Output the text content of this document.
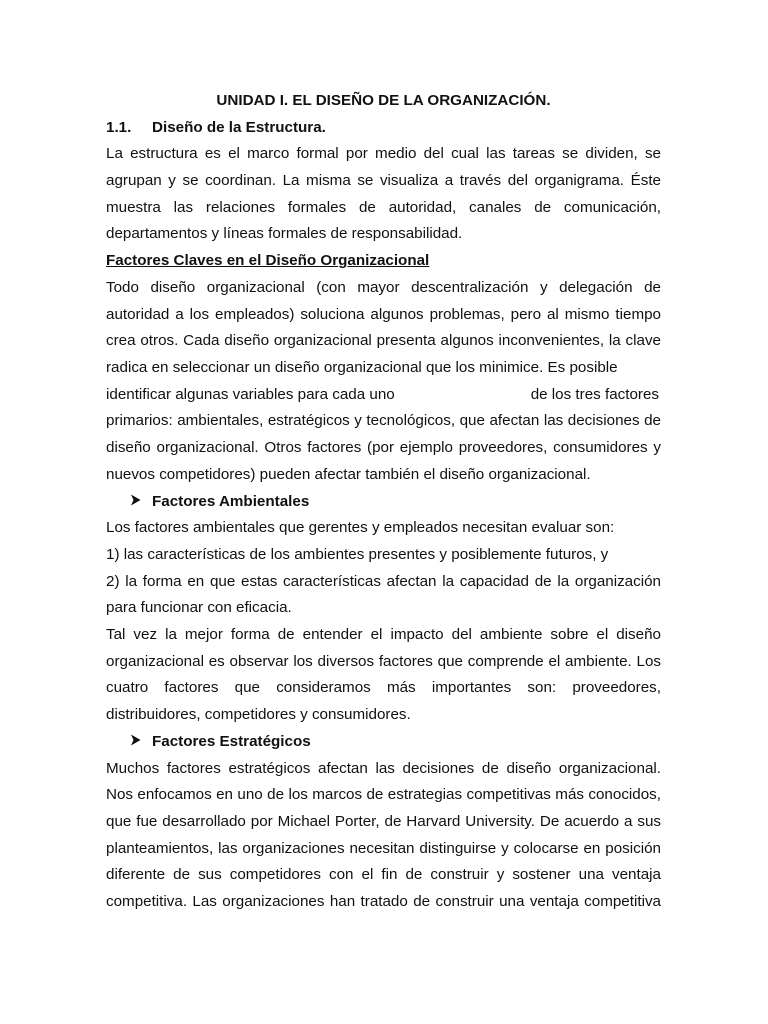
UNIDAD I. EL DISEÑO DE LA ORGANIZACIÓN.

1.1.	Diseño de la Estructura.

La estructura es el marco formal por medio del cual las tareas se dividen, se agrupan y se coordinan. La misma se visualiza a través del organigrama. Éste muestra las relaciones formales de autoridad, canales de comunicación, departamentos y líneas formales de responsabilidad.

Factores Claves en el Diseño Organizacional

Todo diseño organizacional (con mayor descentralización y delegación de autoridad a los empleados) soluciona algunos problemas, pero al mismo tiempo crea otros. Cada diseño organizacional presenta algunos inconvenientes, la clave radica en seleccionar un diseño organizacional que los minimice. Es posible

identificar algunas variables para cada uno	de los tres factores

primarios: ambientales, estratégicos y tecnológicos, que afectan las decisiones de diseño organizacional. Otros factores (por ejemplo proveedores, consumidores y nuevos competidores) pueden afectar también el diseño organizacional.

Factores Ambientales

Los factores ambientales que gerentes y empleados necesitan evaluar son:

1) las características de los ambientes presentes y posiblemente futuros, y

2) la forma en que estas características afectan la capacidad de la organización para funcionar con eficacia.

Tal vez la mejor forma de entender el impacto del ambiente sobre el diseño organizacional es observar los diversos factores que comprende el ambiente. Los cuatro factores que consideramos más importantes son: proveedores, distribuidores, competidores y consumidores.

Factores Estratégicos

Muchos factores estratégicos afectan las decisiones de diseño organizacional. Nos enfocamos en uno de los marcos de estrategias competitivas más conocidos, que fue desarrollado por Michael Porter, de Harvard University. De acuerdo a sus planteamientos, las organizaciones necesitan distinguirse y colocarse en posición diferente de sus competidores con el fin de construir y sostener una ventaja competitiva. Las organizaciones han tratado de construir una ventaja competitiva
